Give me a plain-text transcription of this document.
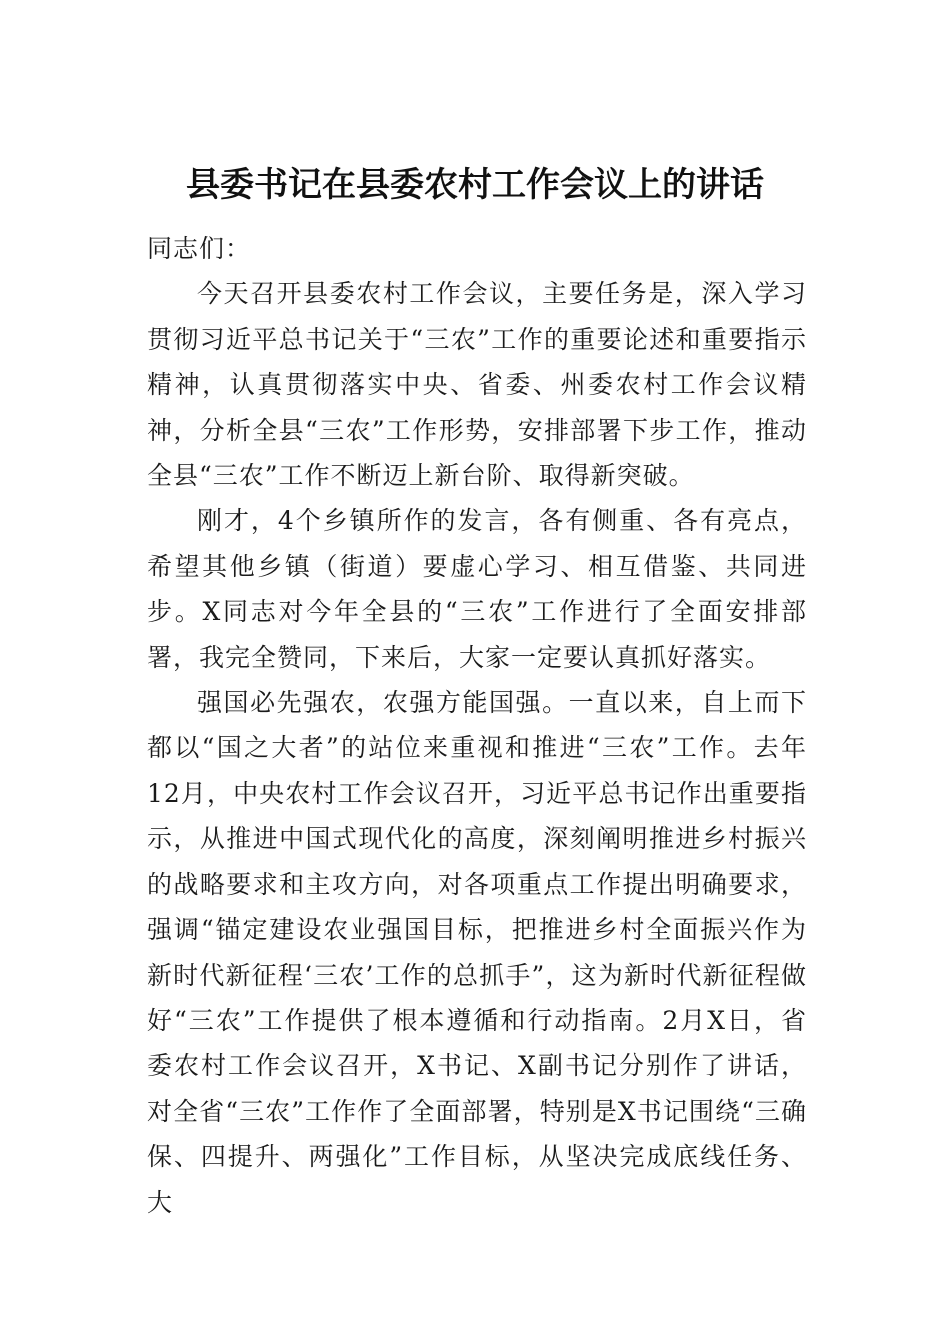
县委书记在县委农村工作会议上的讲话

同志们：

今天召开县委农村工作会议，主要任务是，深入学习贯彻习近平总书记关于“三农”工作的重要论述和重要指示精神，认真贯彻落实中央、省委、州委农村工作会议精神，分析全县“三农”工作形势，安排部署下步工作，推动全县“三农”工作不断迈上新台阶、取得新突破。

刚才，4个乡镇所作的发言，各有侧重、各有亮点，希望其他乡镇（街道）要虚心学习、相互借鉴、共同进步。X同志对今年全县的“三农”工作进行了全面安排部署，我完全赞同，下来后，大家一定要认真抓好落实。

强国必先强农，农强方能国强。一直以来，自上而下都以“国之大者”的站位来重视和推进“三农”工作。去年12月，中央农村工作会议召开，习近平总书记作出重要指示，从推进中国式现代化的高度，深刻阐明推进乡村振兴的战略要求和主攻方向，对各项重点工作提出明确要求，强调“锚定建设农业强国目标，把推进乡村全面振兴作为新时代新征程‘三农’工作的总抓手”，这为新时代新征程做好“三农”工作提供了根本遵循和行动指南。2月X日，省委农村工作会议召开，X书记、X副书记分别作了讲话，对全省“三农”工作作了全面部署，特别是X书记围绕“三确保、四提升、两强化”工作目标，从坚决完成底线任务、大
